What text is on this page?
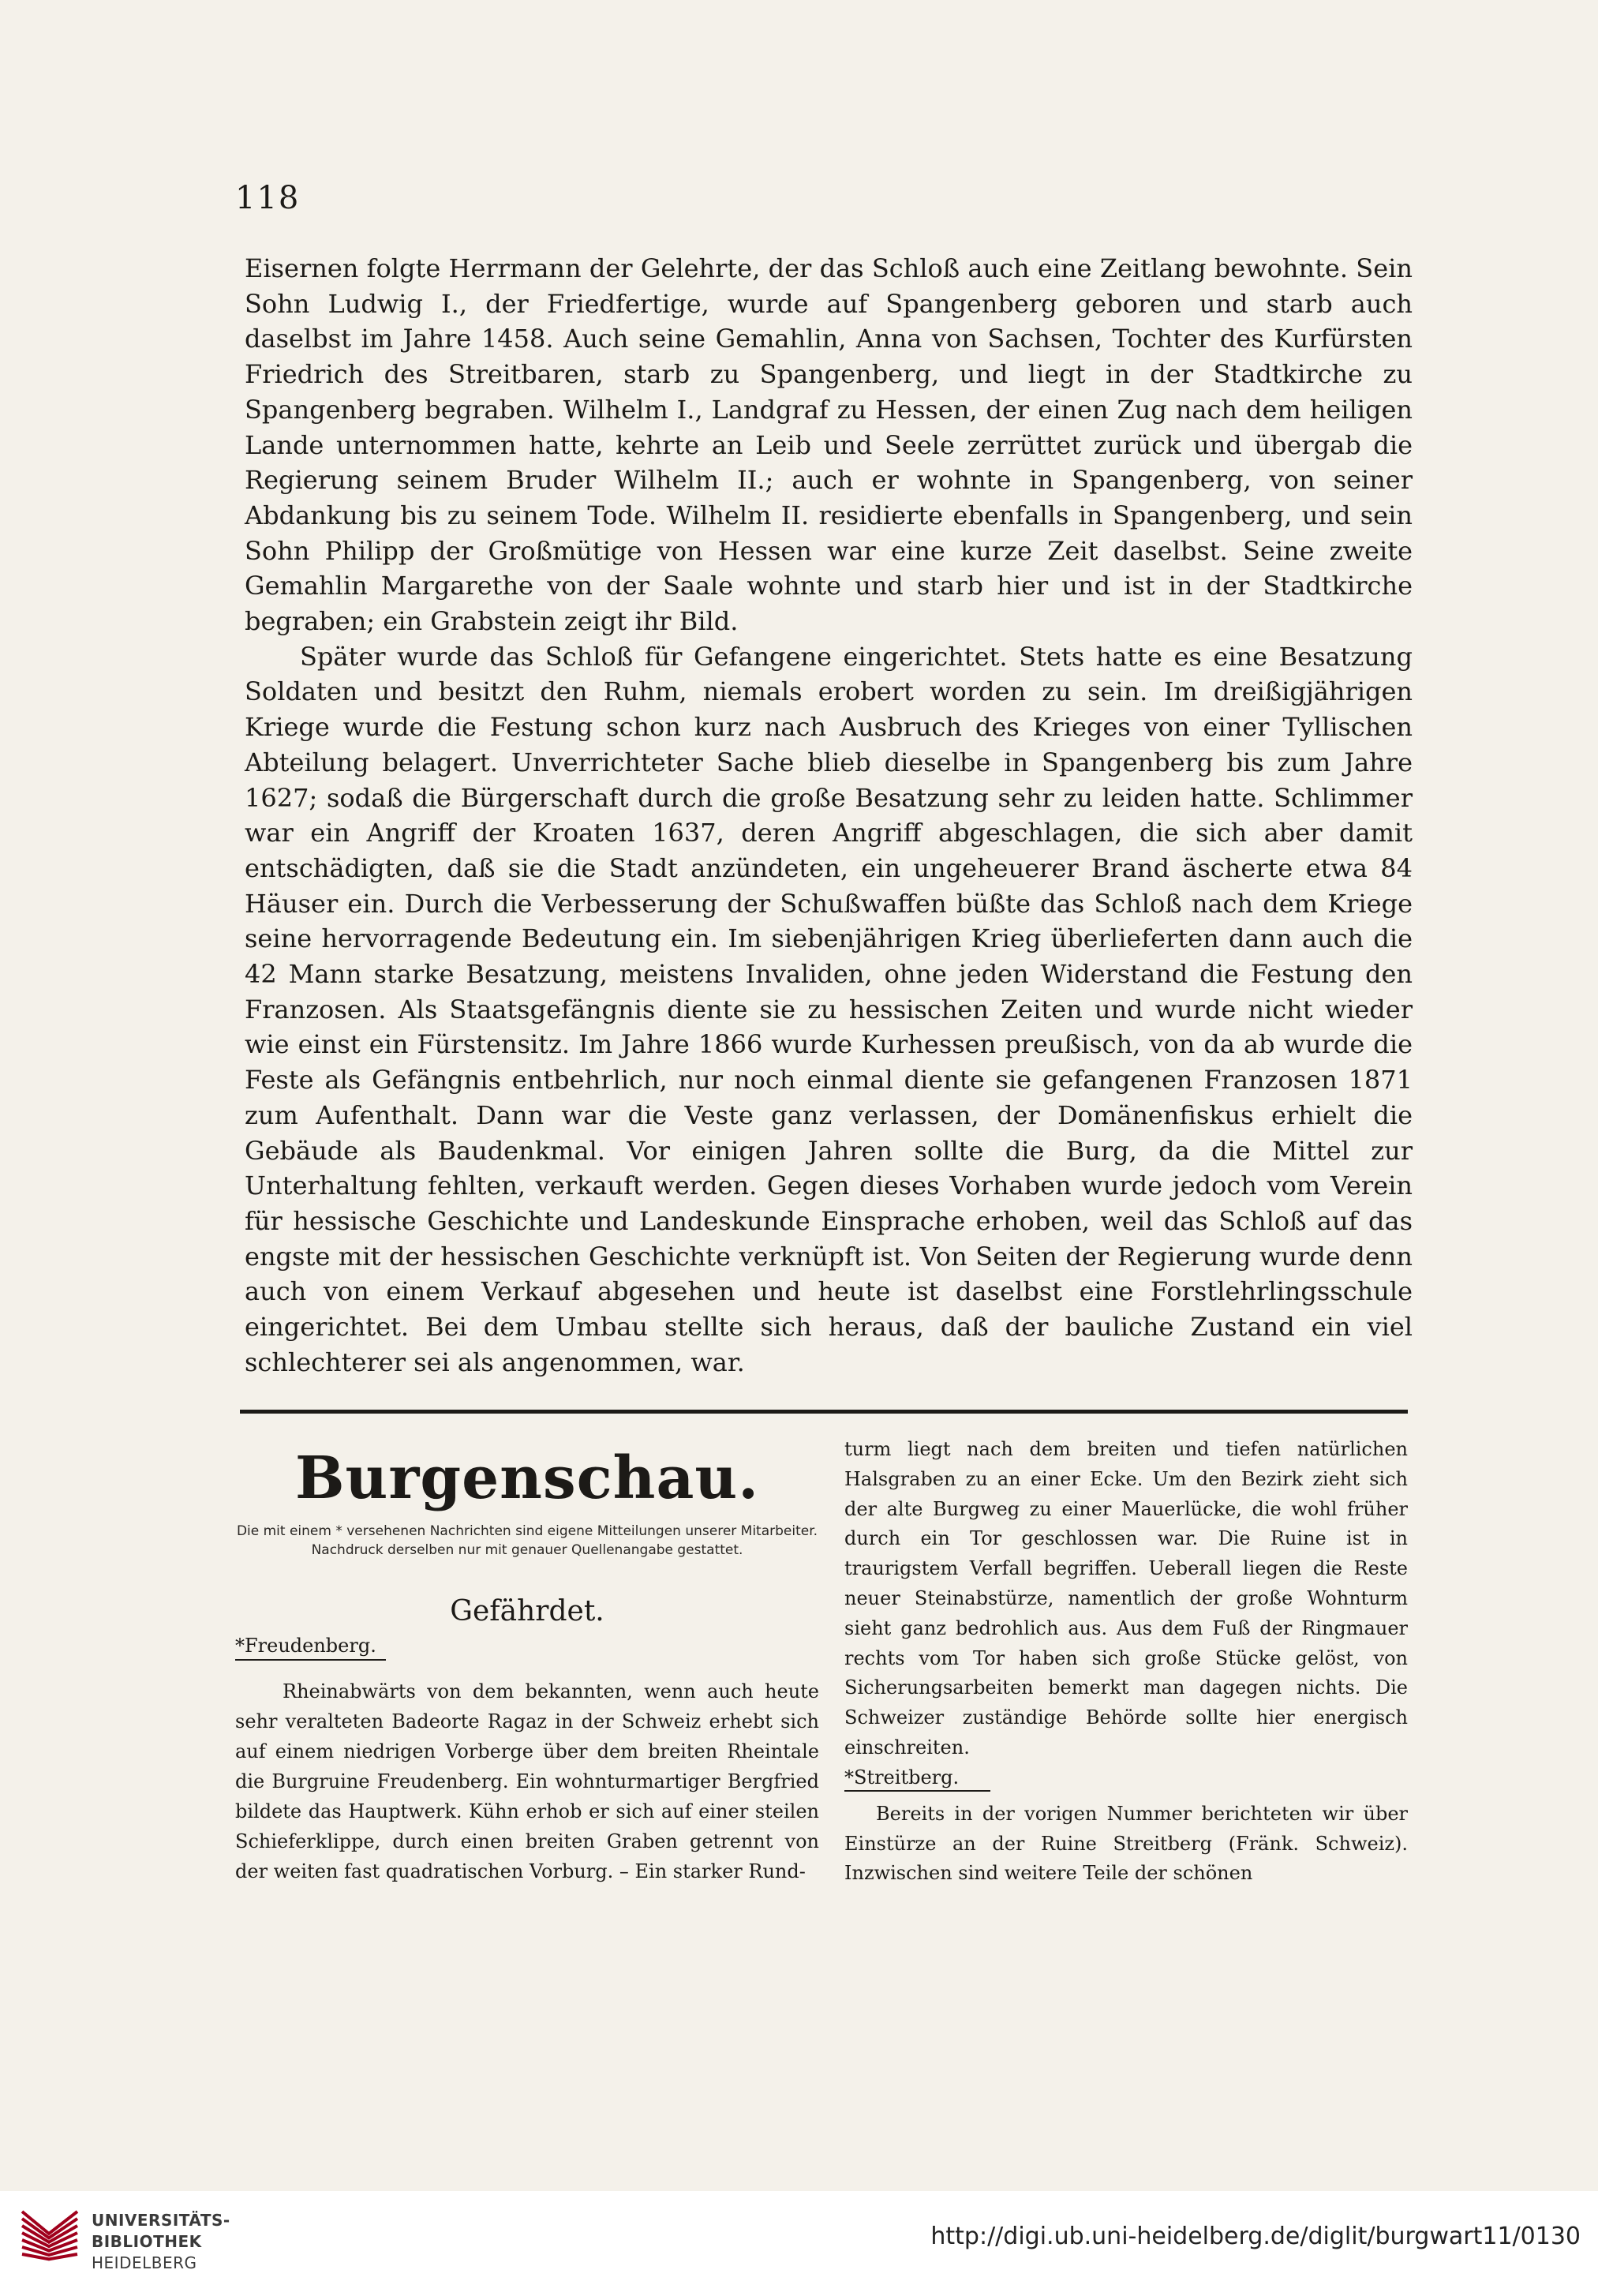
118

Eisernen folgte Herrmann der Gelehrte, der das Schloß auch eine Zeitlang bewohnte. Sein Sohn Ludwig I., der Friedfertige, wurde auf Spangenberg geboren und starb auch daselbst im Jahre 1458. Auch seine Gemahlin, Anna von Sachsen, Tochter des Kurfürsten Friedrich des Streitbaren, starb zu Spangenberg, und liegt in der Stadtkirche zu Spangenberg begraben. Wilhelm I., Landgraf zu Hessen, der einen Zug nach dem heiligen Lande unternommen hatte, kehrte an Leib und Seele zerrüttet zurück und übergab die Regierung seinem Bruder Wilhelm II.; auch er wohnte in Spangenberg, von seiner Abdankung bis zu seinem Tode. Wilhelm II. residierte ebenfalls in Spangenberg, und sein Sohn Philipp der Großmütige von Hessen war eine kurze Zeit daselbst. Seine zweite Gemahlin Margarethe von der Saale wohnte und starb hier und ist in der Stadtkirche begraben; ein Grabstein zeigt ihr Bild.

Später wurde das Schloß für Gefangene eingerichtet. Stets hatte es eine Besatzung Soldaten und besitzt den Ruhm, niemals erobert worden zu sein. Im dreißigjährigen Kriege wurde die Festung schon kurz nach Ausbruch des Krieges von einer Tyllischen Abteilung belagert. Unverrichteter Sache blieb dieselbe in Spangenberg bis zum Jahre 1627; sodaß die Bürgerschaft durch die große Besatzung sehr zu leiden hatte. Schlimmer war ein Angriff der Kroaten 1637, deren Angriff abgeschlagen, die sich aber damit entschädigten, daß sie die Stadt anzündeten, ein ungeheuerer Brand äscherte etwa 84 Häuser ein. Durch die Verbesserung der Schußwaffen büßte das Schloß nach dem Kriege seine hervorragende Bedeutung ein. Im siebenjährigen Krieg überlieferten dann auch die 42 Mann starke Besatzung, meistens Invaliden, ohne jeden Widerstand die Festung den Franzosen. Als Staatsgefängnis diente sie zu hessischen Zeiten und wurde nicht wieder wie einst ein Fürstensitz. Im Jahre 1866 wurde Kurhessen preußisch, von da ab wurde die Feste als Gefängnis entbehrlich, nur noch einmal diente sie gefangenen Franzosen 1871 zum Aufenthalt. Dann war die Veste ganz verlassen, der Domänenfiskus erhielt die Gebäude als Baudenkmal. Vor einigen Jahren sollte die Burg, da die Mittel zur Unterhaltung fehlten, verkauft werden. Gegen dieses Vorhaben wurde jedoch vom Verein für hessische Geschichte und Landeskunde Einsprache erhoben, weil das Schloß auf das engste mit der hessischen Geschichte verknüpft ist. Von Seiten der Regierung wurde denn auch von einem Verkauf abgesehen und heute ist daselbst eine Forstlehrlingsschule eingerichtet. Bei dem Umbau stellte sich heraus, daß der bauliche Zustand ein viel schlechterer sei als angenommen, war.

Burgenschau.
Die mit einem * versehenen Nachrichten sind eigene Mitteilungen unserer Mitarbeiter. Nachdruck derselben nur mit genauer Quellenangabe gestattet.
Gefährdet.
*Freudenberg.

Rheinabwärts von dem bekannten, wenn auch heute sehr veralteten Badeorte Ragaz in der Schweiz erhebt sich auf einem niedrigen Vorberge über dem breiten Rheintale die Burgruine Freudenberg. Ein wohnturmartiger Bergfried bildete das Hauptwerk. Kühn erhob er sich auf einer steilen Schieferklippe, durch einen breiten Graben getrennt von der weiten fast quadratischen Vorburg. – Ein starker Rund-

turm liegt nach dem breiten und tiefen natürlichen Halsgraben zu an einer Ecke. Um den Bezirk zieht sich der alte Burgweg zu einer Mauerlücke, die wohl früher durch ein Tor geschlossen war. Die Ruine ist in traurigstem Verfall begriffen. Ueberall liegen die Reste neuer Steinabstürze, namentlich der große Wohnturm sieht ganz bedrohlich aus. Aus dem Fuß der Ringmauer rechts vom Tor haben sich große Stücke gelöst, von Sicherungsarbeiten bemerkt man dagegen nichts. Die Schweizer zuständige Behörde sollte hier energisch einschreiten.

*Streitberg.

Bereits in der vorigen Nummer berichteten wir über Einstürze an der Ruine Streitberg (Fränk. Schweiz). Inzwischen sind weitere Teile der schönen

UNIVERSITÄTS-
BIBLIOTHEK
HEIDELBERG
http://digi.ub.uni-heidelberg.de/diglit/burgwart11/0130
